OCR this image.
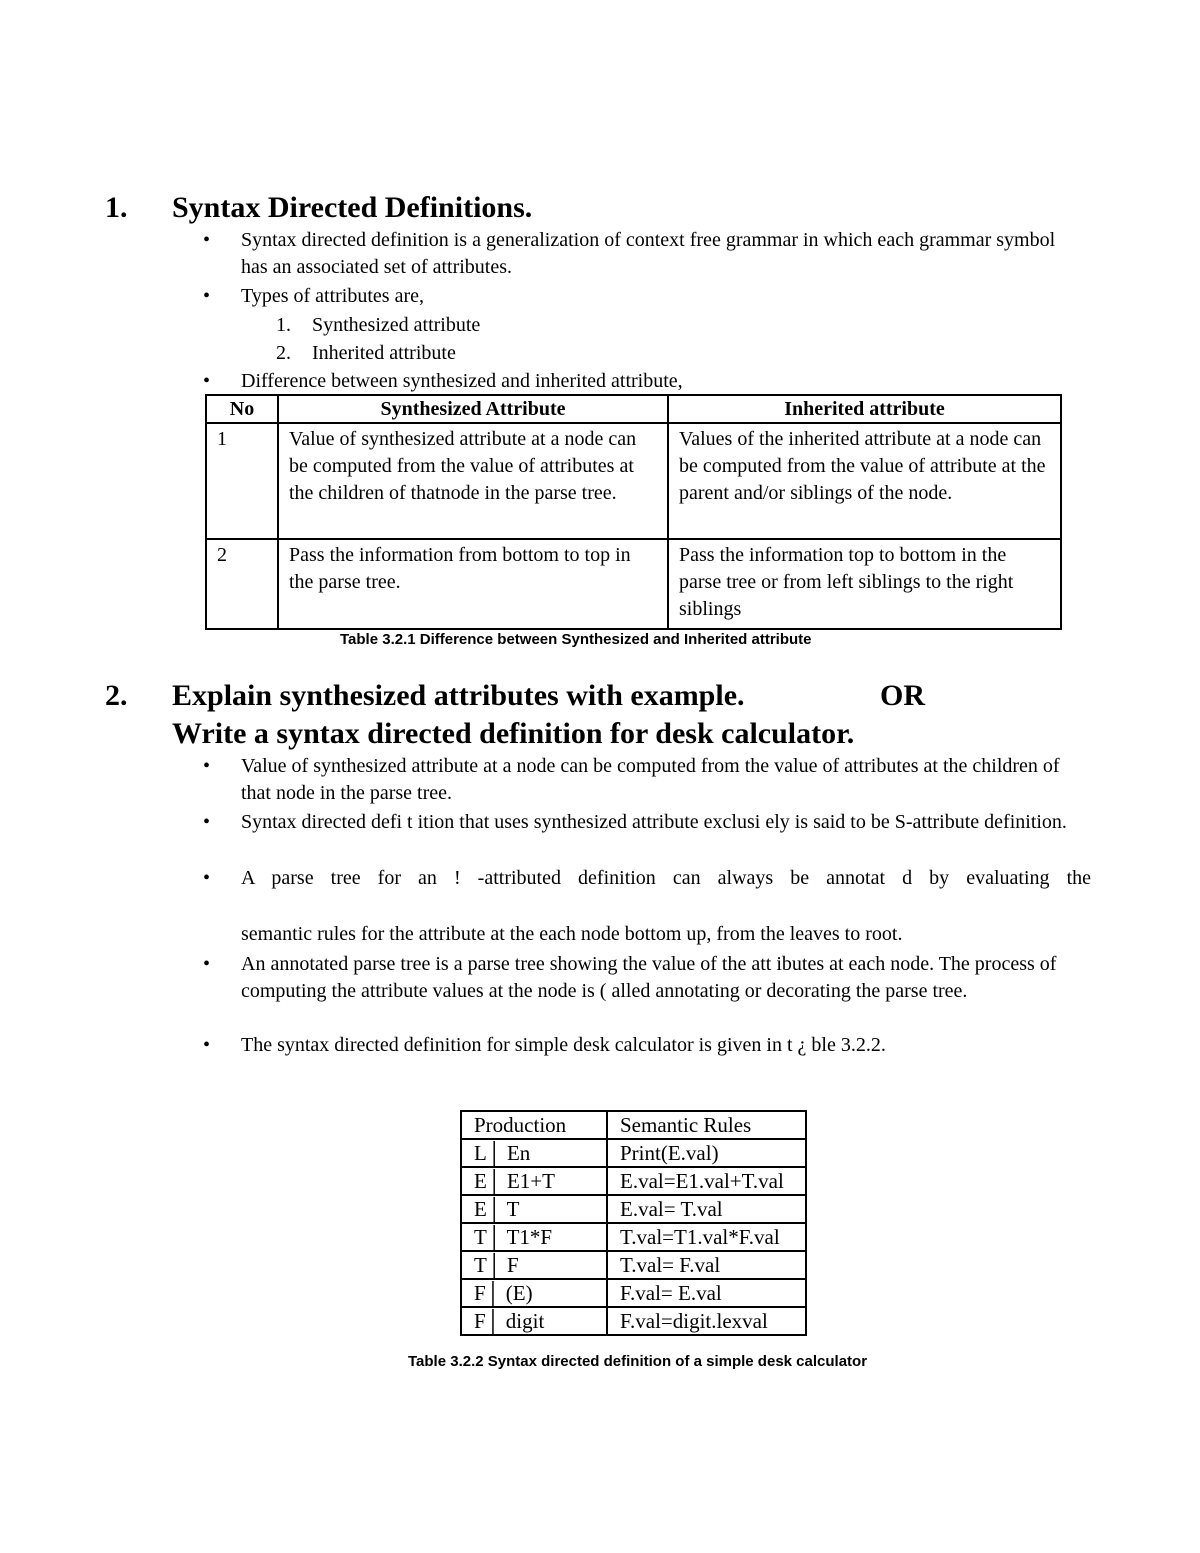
1. Syntax Directed Definitions.
• Syntax directed definition is a generalization of context free grammar in which each grammar symbol has an associated set of attributes.
• Types of attributes are,
1. Synthesized attribute
2. Inherited attribute
• Difference between synthesized and inherited attribute,
No	Synthesized Attribute	Inherited attribute
1	Value of synthesized attribute at a node can be computed from the value of attributes at the children of thatnode in the parse tree.	Values of the inherited attribute at a node can be computed from the value of attribute at the parent and/or siblings of the node.
2	Pass the information from bottom to top in the parse tree.	Pass the information top to bottom in the parse tree or from left siblings to the right siblings
Table 3.2.1 Difference between Synthesized and Inherited attribute
2. Explain synthesized attributes with example.	OR
Write a syntax directed definition for desk calculator.
• Value of synthesized attribute at a node can be computed from the value of attributes at the children of that node in the parse tree.
• Syntax directed defi t ition that uses synthesized attribute exclusi ely is said to be S-attribute definition.
• A parse tree for an ! -attributed definition can always be annotat d by evaluating the
semantic rules for the attribute at the each node bottom up, from the leaves to root.
• An annotated parse tree is a parse tree showing the value of the att ibutes at each node. The process of computing the attribute values at the node is ( alled annotating or decorating the parse tree.
• The syntax directed definition for simple desk calculator is given in t ¿ ble 3.2.2.
Production	Semantic Rules
L│ En	Print(E.val)
E│ E1+T	E.val=E1.val+T.val
E│ T	E.val= T.val
T│ T1*F	T.val=T1.val*F.val
T│ F	T.val= F.val
F│ (E)	F.val= E.val
F│ digit	F.val=digit.lexval
Table 3.2.2 Syntax directed definition of a simple desk calculator
